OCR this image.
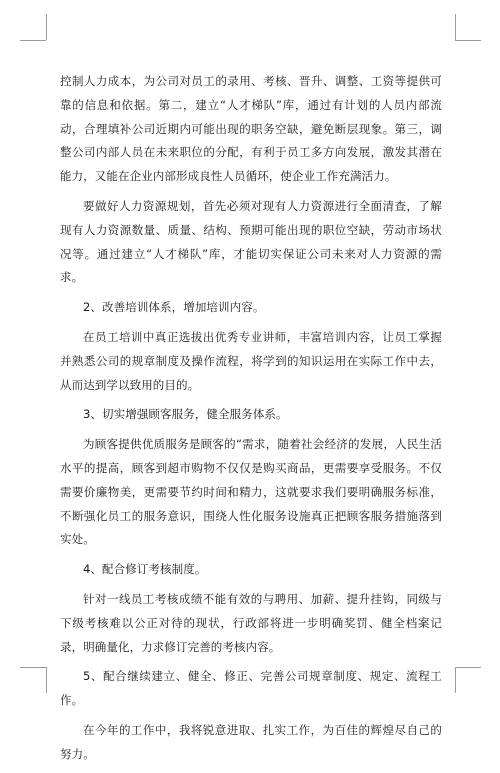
控制人力成本，为公司对员工的录用、考核、晋升、调整、工资等提供可靠的信息和依据。第二，建立“人才梯队”库，通过有计划的人员内部流动，合理填补公司近期内可能出现的职务空缺，避免断层现象。第三，调整公司内部人员在未来职位的分配，有利于员工多方向发展，激发其潜在能力，又能在企业内部形成良性人员循环，使企业工作充满活力。

要做好人力资源规划，首先必须对现有人力资源进行全面清查，了解现有人力资源数量、质量、结构、预期可能出现的职位空缺，劳动市场状况等。通过建立“人才梯队”库，才能切实保证公司未来对人力资源的需求。

2、改善培训体系，增加培训内容。

在员工培训中真正选拔出优秀专业讲师，丰富培训内容，让员工掌握并熟悉公司的规章制度及操作流程，将学到的知识运用在实际工作中去，从而达到学以致用的目的。

3、切实增强顾客服务，健全服务体系。

为顾客提供优质服务是顾客的“需求，随着社会经济的发展，人民生活水平的提高，顾客到超市购物不仅仅是购买商品，更需要享受服务。不仅需要价廉物美，更需要节约时间和精力，这就要求我们要明确服务标准，不断强化员工的服务意识，围绕人性化服务设施真正把顾客服务措施落到实处。

4、配合修订考核制度。

针对一线员工考核成绩不能有效的与聘用、加薪、提升挂钩，同级与下级考核难以公正对待的现状，行政部将进一步明确奖罚、健全档案记录，明确量化，力求修订完善的考核内容。

5、配合继续建立、健全、修正、完善公司规章制度、规定、流程工作。

在今年的工作中，我将锐意进取、扎实工作，为百佳的辉煌尽自己的努力。
